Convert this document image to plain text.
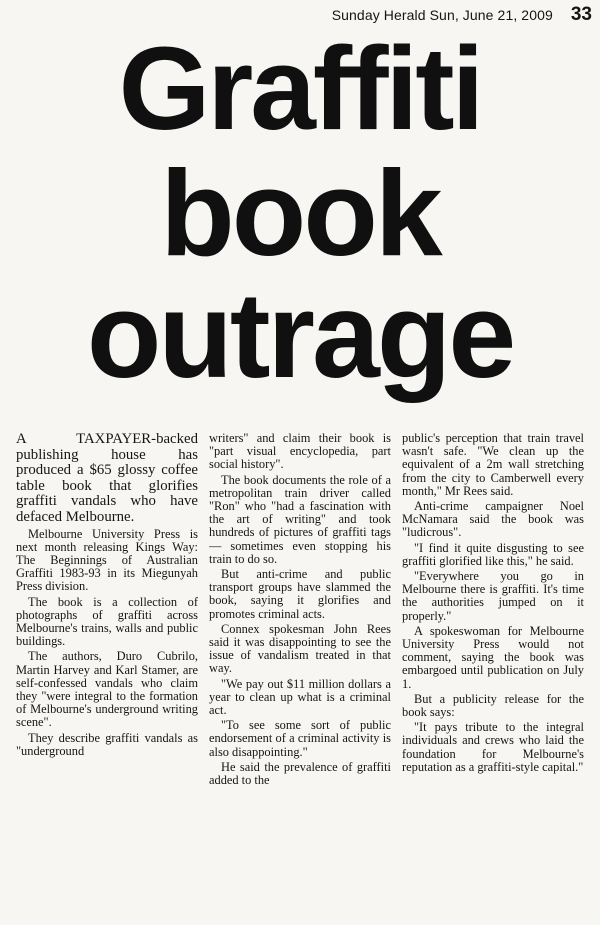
Sunday Herald Sun, June 21, 2009 33
Graffiti
book
outrage

A TAXPAYER-backed publishing house has produced a $65 glossy coffee table book that glorifies graffiti vandals who have defaced Melbourne.

Melbourne University Press is next month releasing Kings Way: The Beginnings of Australian Graffiti 1983-93 in its Miegunyah Press division.

The book is a collection of photographs of graffiti across Melbourne's trains, walls and public buildings.

The authors, Duro Cubrilo, Martin Harvey and Karl Stamer, are self-confessed vandals who claim they "were integral to the formation of Melbourne's underground writing scene".

They describe graffiti vandals as "underground

writers" and claim their book is "part visual encyclopedia, part social history".

The book documents the role of a metropolitan train driver called "Ron" who "had a fascination with the art of writing" and took hundreds of pictures of graffiti tags — sometimes even stopping his train to do so.

But anti-crime and public transport groups have slammed the book, saying it glorifies and promotes criminal acts.

Connex spokesman John Rees said it was disappointing to see the issue of vandalism treated in that way.

"We pay out $11 million dollars a year to clean up what is a criminal act.

"To see some sort of public endorsement of a criminal activity is also disappointing."

He said the prevalence of graffiti added to the

public's perception that train travel wasn't safe. "We clean up the equivalent of a 2m wall stretching from the city to Camberwell every month," Mr Rees said.

Anti-crime campaigner Noel McNamara said the book was "ludicrous".

"I find it quite disgusting to see graffiti glorified like this," he said.

"Everywhere you go in Melbourne there is graffiti. It's time the authorities jumped on it properly."

A spokeswoman for Melbourne University Press would not comment, saying the book was embargoed until publication on July 1.

But a publicity release for the book says:

"It pays tribute to the integral individuals and crews who laid the foundation for Melbourne's reputation as a graffiti-style capital."
